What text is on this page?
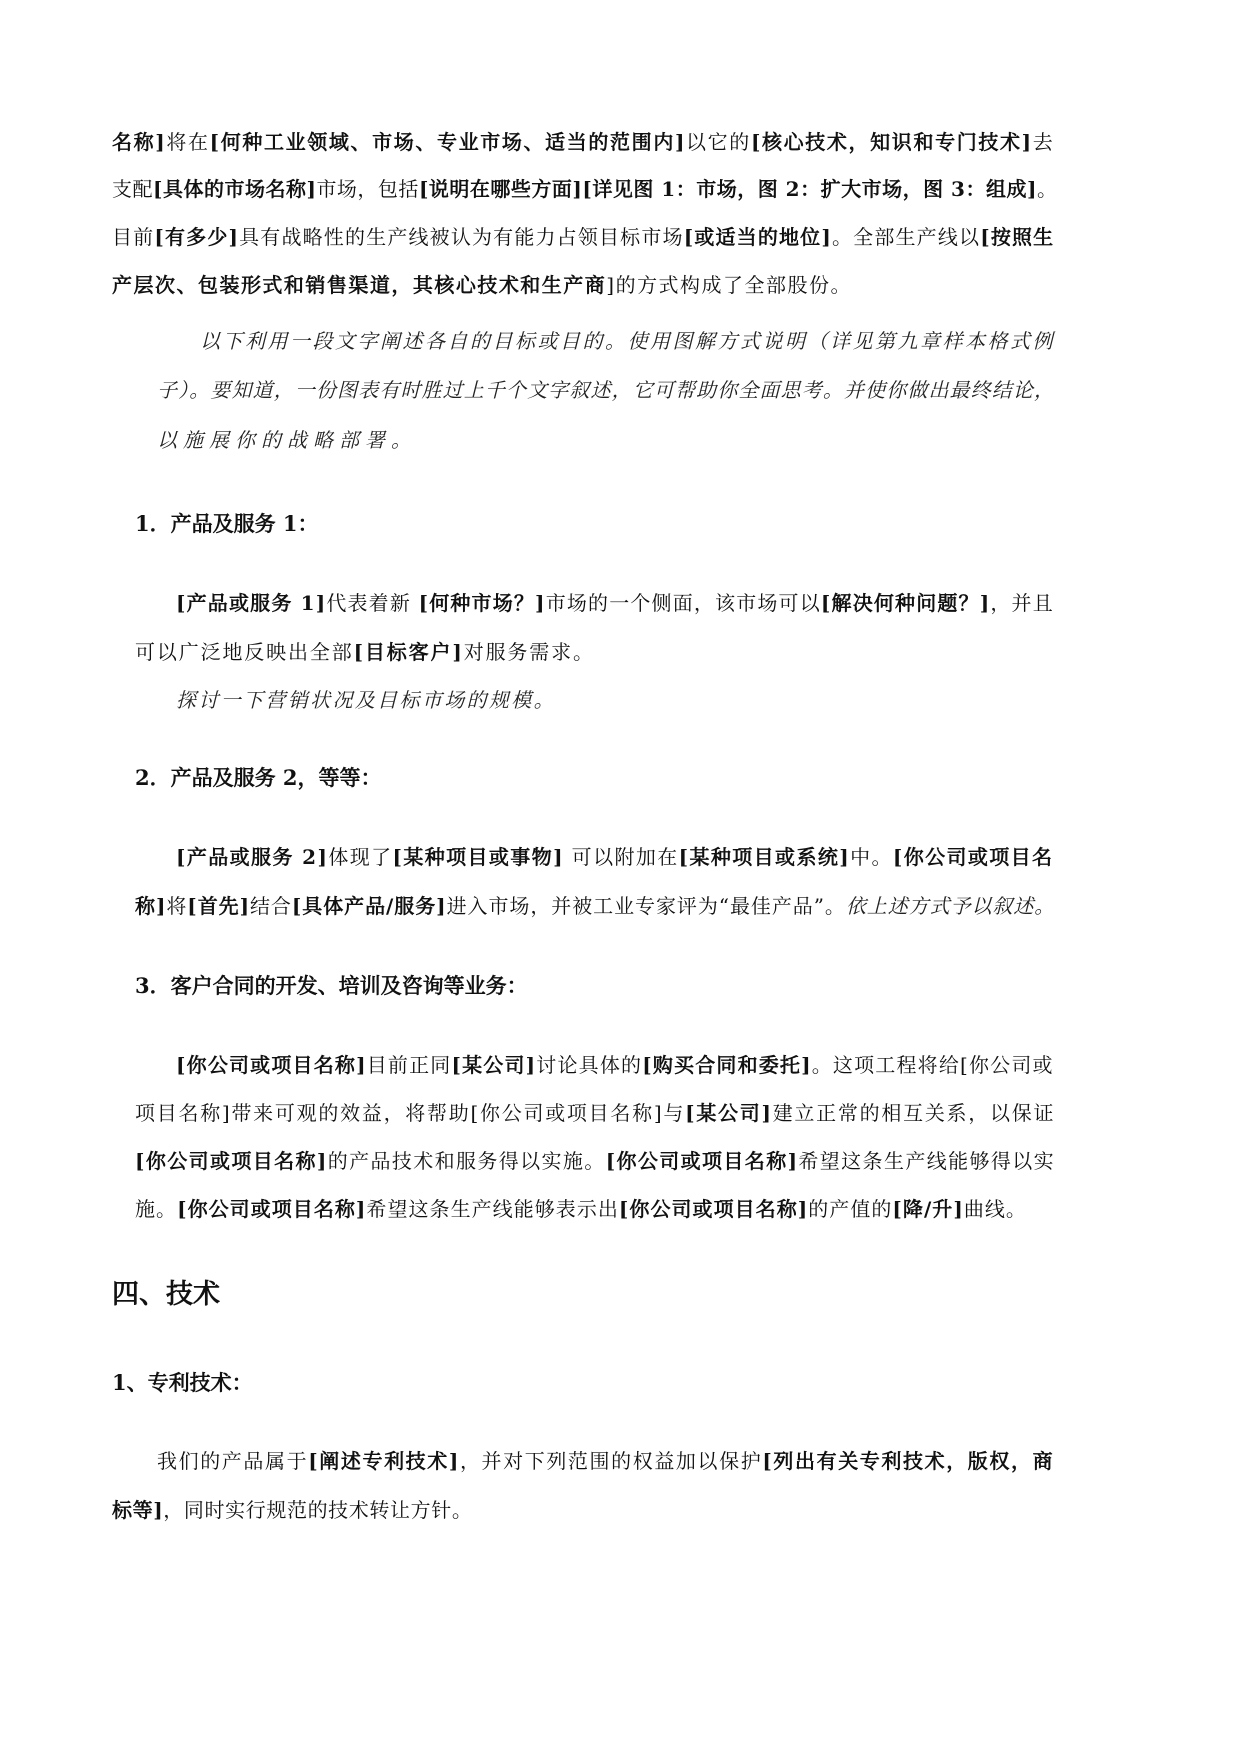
名称]将在[何种工业领域、市场、专业市场、适当的范围内]以它的[核心技术，知识和专门技术]去
支配[具体的市场名称]市场，包括[说明在哪些方面][详见图 1：市场，图 2：扩大市场，图 3：组成]。
目前[有多少]具有战略性的生产线被认为有能力占领目标市场[或适当的地位]。全部生产线以[按照生
产层次、包装形式和销售渠道，其核心技术和生产商]的方式构成了全部股份。
以下利用一段文字阐述各自的目标或目的。使用图解方式说明（详见第九章样本格式例
子）。要知道，一份图表有时胜过上千个文字叙述，它可帮助你全面思考。并使你做出最终结论，
以施展你的战略部署。
1．产品及服务 1：
[产品或服务 1]代表着新 [何种市场？]市场的一个侧面，该市场可以[解决何种问题？]，并且
可以广泛地反映出全部[目标客户]对服务需求。
探讨一下营销状况及目标市场的规模。
2．产品及服务 2，等等：
[产品或服务 2]体现了[某种项目或事物] 可以附加在[某种项目或系统]中。[你公司或项目名
称]将[首先]结合[具体产品/服务]进入市场，并被工业专家评为“最佳产品”。依上述方式予以叙述。
3．客户合同的开发、培训及咨询等业务：
[你公司或项目名称]目前正同[某公司]讨论具体的[购买合同和委托]。这项工程将给[你公司或
项目名称]带来可观的效益，将帮助[你公司或项目名称]与[某公司]建立正常的相互关系，以保证
[你公司或项目名称]的产品技术和服务得以实施。[你公司或项目名称]希望这条生产线能够得以实
施。[你公司或项目名称]希望这条生产线能够表示出[你公司或项目名称]的产值的[降/升]曲线。
四、技术
1、专利技术：
我们的产品属于[阐述专利技术]，并对下列范围的权益加以保护[列出有关专利技术，版权，商
标等]，同时实行规范的技术转让方针。
